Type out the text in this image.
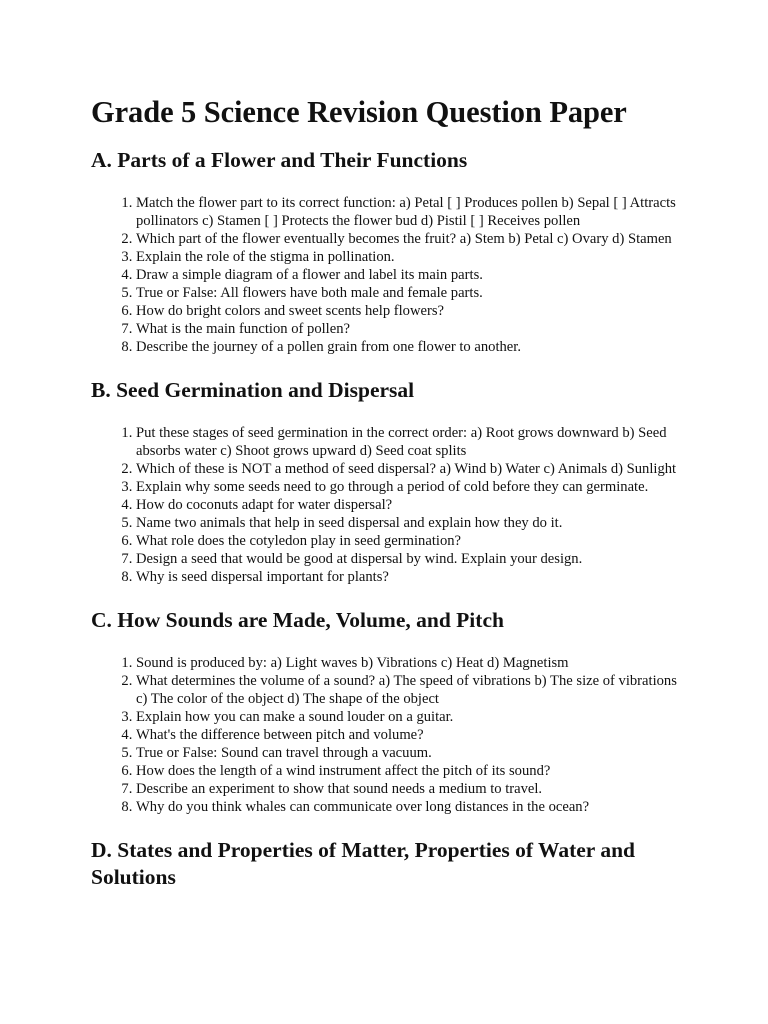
Grade 5 Science Revision Question Paper
A. Parts of a Flower and Their Functions
1. Match the flower part to its correct function: a) Petal [ ] Produces pollen b) Sepal [ ] Attracts pollinators c) Stamen [ ] Protects the flower bud d) Pistil [ ] Receives pollen
2. Which part of the flower eventually becomes the fruit? a) Stem b) Petal c) Ovary d) Stamen
3. Explain the role of the stigma in pollination.
4. Draw a simple diagram of a flower and label its main parts.
5. True or False: All flowers have both male and female parts.
6. How do bright colors and sweet scents help flowers?
7. What is the main function of pollen?
8. Describe the journey of a pollen grain from one flower to another.
B. Seed Germination and Dispersal
1. Put these stages of seed germination in the correct order: a) Root grows downward b) Seed absorbs water c) Shoot grows upward d) Seed coat splits
2. Which of these is NOT a method of seed dispersal? a) Wind b) Water c) Animals d) Sunlight
3. Explain why some seeds need to go through a period of cold before they can germinate.
4. How do coconuts adapt for water dispersal?
5. Name two animals that help in seed dispersal and explain how they do it.
6. What role does the cotyledon play in seed germination?
7. Design a seed that would be good at dispersal by wind. Explain your design.
8. Why is seed dispersal important for plants?
C. How Sounds are Made, Volume, and Pitch
1. Sound is produced by: a) Light waves b) Vibrations c) Heat d) Magnetism
2. What determines the volume of a sound? a) The speed of vibrations b) The size of vibrations c) The color of the object d) The shape of the object
3. Explain how you can make a sound louder on a guitar.
4. What's the difference between pitch and volume?
5. True or False: Sound can travel through a vacuum.
6. How does the length of a wind instrument affect the pitch of its sound?
7. Describe an experiment to show that sound needs a medium to travel.
8. Why do you think whales can communicate over long distances in the ocean?
D. States and Properties of Matter, Properties of Water and Solutions
